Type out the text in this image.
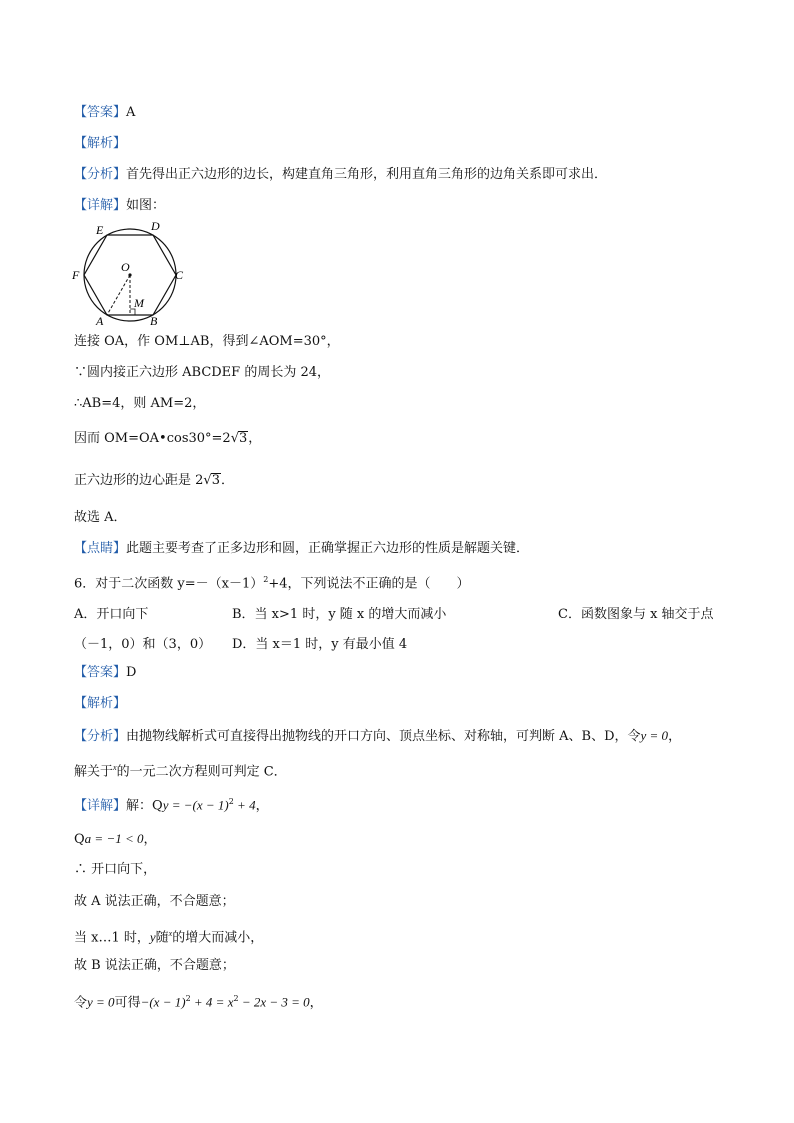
【答案】A
【解析】
【分析】首先得出正六边形的边长，构建直角三角形，利用直角三角形的边角关系即可求出．
【详解】如图：
E	D
F
O
C
M
A	B
连接 OA，作 OM⊥AB，得到∠AOM=30°，
∵圆内接正六边形 ABCDEF 的周长为 24，
∴AB=4，则 AM=2，
因而 OM=OA•cos30°=2√3，
正六边形的边心距是 2√3．
故选 A．
【点睛】此题主要考查了正多边形和圆，正确掌握正六边形的性质是解题关键．
6．对于二次函数 $y=-(x-1)^2+4$，下列说法不正确的是（　　）
A．开口向下	B．当 x>1 时，y 随 x 的增大而减小	C．函数图象与 x 轴交于点
（－1，0）和（3，0） D．当 x＝1 时，y 有最小值 4
【答案】D
【解析】
【分析】由抛物线解析式可直接得出抛物线的开口方向、顶点坐标、对称轴，可判断 A、B、D，令y = 0，
解关于$^x$的一元二次方程则可判定 C．
【详解】解：$Qy = -(x - 1)^2 + 4$，
Qa = −1 < 0，
∴ 开口向下，
故 A 说法正确，不合题意；
当 x…1 时，y随$^x$的增大而减小，
故 B 说法正确，不合题意；
令y = 0可得$-(x - 1)^2 + 4 = x^2 - 2x - 3 = 0$，
